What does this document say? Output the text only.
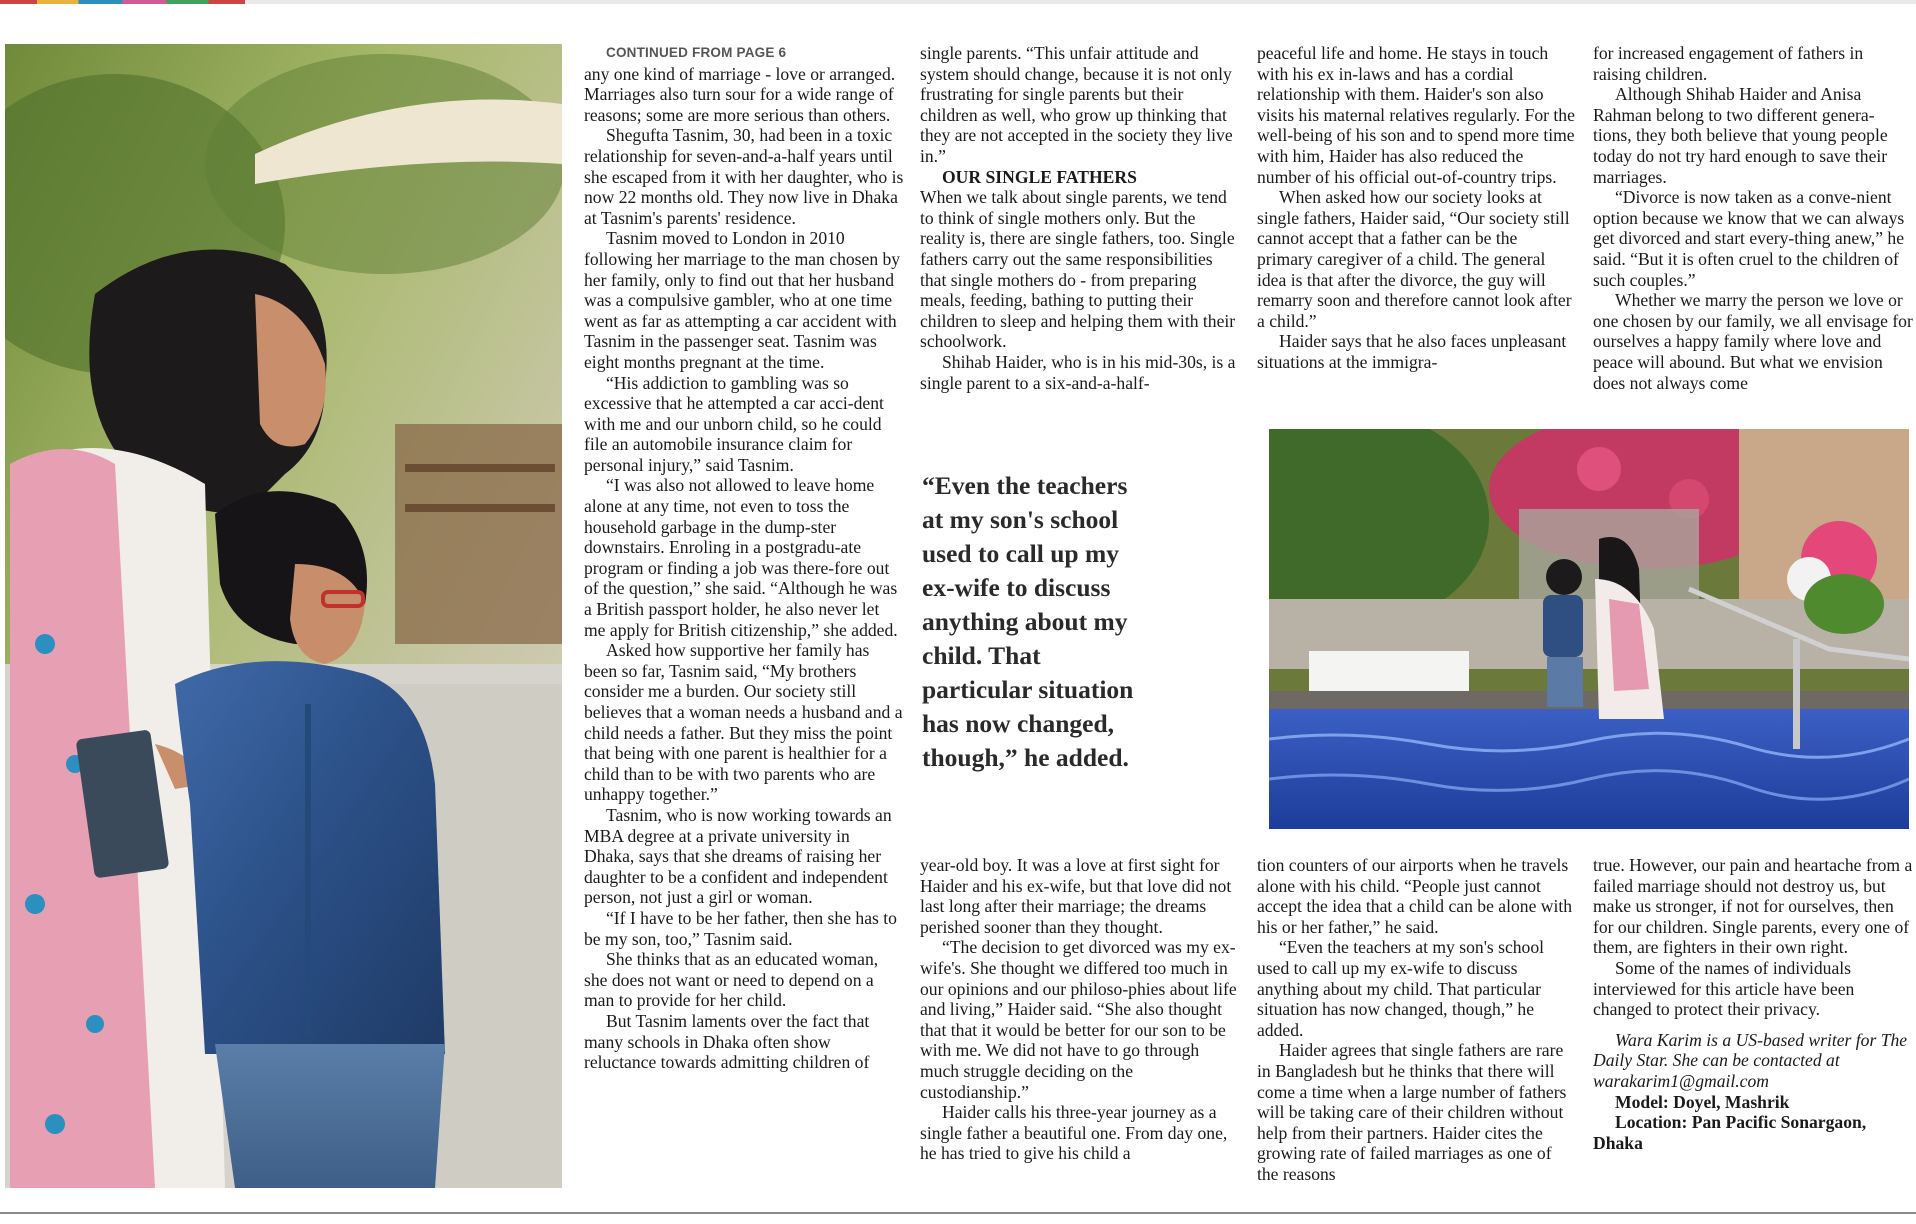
CONTINUED FROM PAGE 6

any one kind of marriage - love or arranged. Marriages also turn sour for a wide range of reasons; some are more serious than others.

Shegufta Tasnim, 30, had been in a toxic relationship for seven-and-a-half years until she escaped from it with her daughter, who is now 22 months old. They now live in Dhaka at Tasnim's parents' residence.

Tasnim moved to London in 2010 following her marriage to the man chosen by her family, only to find out that her husband was a compulsive gambler, who at one time went as far as attempting a car accident with Tasnim in the passenger seat. Tasnim was eight months pregnant at the time.

“His addiction to gambling was so excessive that he attempted a car acci-dent with me and our unborn child, so he could file an automobile insurance claim for personal injury,” said Tasnim.

“I was also not allowed to leave home alone at any time, not even to toss the household garbage in the dump-ster downstairs. Enroling in a postgradu-ate program or finding a job was there-fore out of the question,” she said. “Although he was a British passport holder, he also never let me apply for British citizenship,” she added.

Asked how supportive her family has been so far, Tasnim said, “My brothers consider me a burden. Our society still believes that a woman needs a husband and a child needs a father. But they miss the point that being with one parent is healthier for a child than to be with two parents who are unhappy together.”

Tasnim, who is now working towards an MBA degree at a private university in Dhaka, says that she dreams of raising her daughter to be a confident and independent person, not just a girl or woman.

“If I have to be her father, then she has to be my son, too,” Tasnim said.

She thinks that as an educated woman, she does not want or need to depend on a man to provide for her child.

But Tasnim laments over the fact that many schools in Dhaka often show reluctance towards admitting children of

single parents. “This unfair attitude and system should change, because it is not only frustrating for single parents but their children as well, who grow up thinking that they are not accepted in the society they live in.”

OUR SINGLE FATHERS

When we talk about single parents, we tend to think of single mothers only. But the reality is, there are single fathers, too. Single fathers carry out the same responsibilities that single mothers do - from preparing meals, feeding, bathing to putting their children to sleep and helping them with their schoolwork.

Shihab Haider, who is in his mid-30s, is a single parent to a six-and-a-half-

“Even the teachers at my son's school used to call up my ex-wife to discuss anything about my child. That particular situation has now changed, though,” he added.

year-old boy. It was a love at first sight for Haider and his ex-wife, but that love did not last long after their marriage; the dreams perished sooner than they thought.

“The decision to get divorced was my ex-wife's. She thought we differed too much in our opinions and our philoso-phies about life and living,” Haider said. “She also thought that that it would be better for our son to be with me. We did not have to go through much struggle deciding on the custodianship.”

Haider calls his three-year journey as a single father a beautiful one. From day one, he has tried to give his child a

peaceful life and home. He stays in touch with his ex in-laws and has a cordial relationship with them. Haider's son also visits his maternal relatives regularly. For the well-being of his son and to spend more time with him, Haider has also reduced the number of his official out-of-country trips.

When asked how our society looks at single fathers, Haider said, “Our society still cannot accept that a father can be the primary caregiver of a child. The general idea is that after the divorce, the guy will remarry soon and therefore cannot look after a child.”

Haider says that he also faces unpleasant situations at the immigra-

for increased engagement of fathers in raising children.

Although Shihab Haider and Anisa Rahman belong to two different genera-tions, they both believe that young people today do not try hard enough to save their marriages.

“Divorce is now taken as a conve-nient option because we know that we can always get divorced and start every-thing anew,” he said. “But it is often cruel to the children of such couples.”

Whether we marry the person we love or one chosen by our family, we all envisage for ourselves a happy family where love and peace will abound. But what we envision does not always come

tion counters of our airports when he travels alone with his child. “People just cannot accept the idea that a child can be alone with his or her father,” he said.

“Even the teachers at my son's school used to call up my ex-wife to discuss anything about my child. That particular situation has now changed, though,” he added.

Haider agrees that single fathers are rare in Bangladesh but he thinks that there will come a time when a large number of fathers will be taking care of their children without help from their partners. Haider cites the growing rate of failed marriages as one of the reasons

true. However, our pain and heartache from a failed marriage should not destroy us, but make us stronger, if not for ourselves, then for our children. Single parents, every one of them, are fighters in their own right.

Some of the names of individuals interviewed for this article have been changed to protect their privacy.

Wara Karim is a US-based writer for The Daily Star. She can be contacted at warakarim1@gmail.com

Model: Doyel, Mashrik

Location: Pan Pacific Sonargaon, Dhaka
